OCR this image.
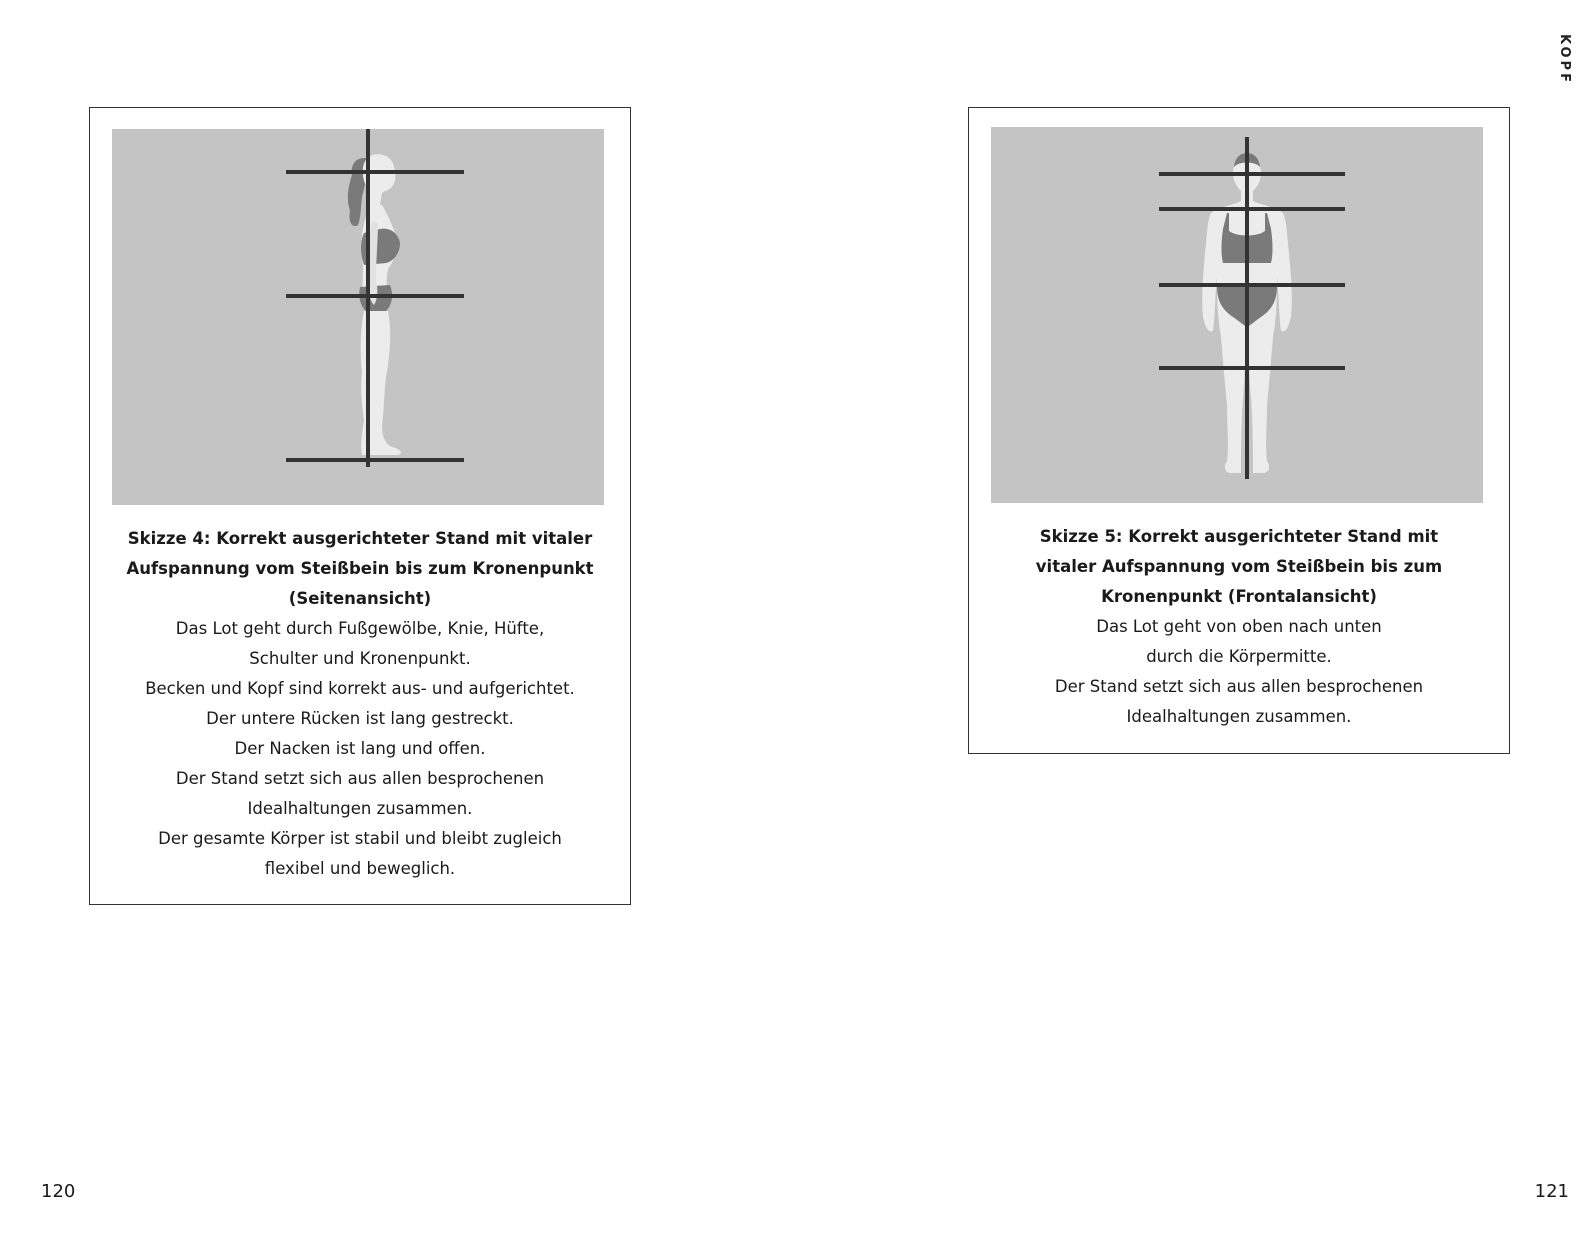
Skizze 4: Korrekt ausgerichteter Stand mit vitaler
Aufspannung vom Steißbein bis zum Kronenpunkt
(Seitenansicht)
Das Lot geht durch Fußgewölbe, Knie, Hüfte,
Schulter und Kronenpunkt.
Becken und Kopf sind korrekt aus- und aufgerichtet.
Der untere Rücken ist lang gestreckt.
Der Nacken ist lang und offen.
Der Stand setzt sich aus allen besprochenen
Idealhaltungen zusammen.
Der gesamte Körper ist stabil und bleibt zugleich
flexibel und beweglich.
120
KOPF
Skizze 5: Korrekt ausgerichteter Stand mit
vitaler Aufspannung vom Steißbein bis zum
Kronenpunkt (Frontalansicht)
Das Lot geht von oben nach unten
durch die Körpermitte.
Der Stand setzt sich aus allen besprochenen
Idealhaltungen zusammen.
121
